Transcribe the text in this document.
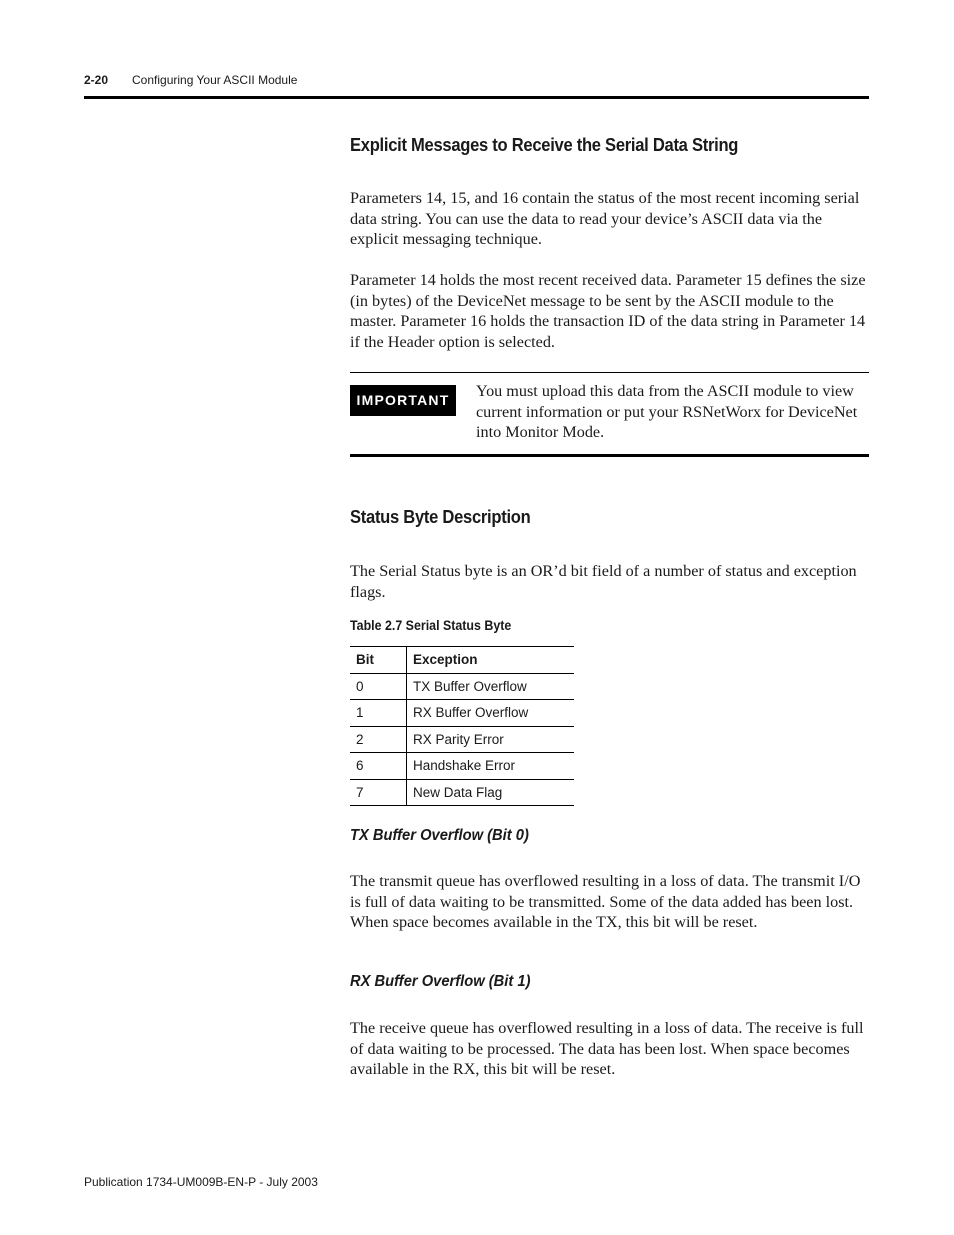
2-20 Configuring Your ASCII Module
Explicit Messages to Receive the Serial Data String

Parameters 14, 15, and 16 contain the status of the most recent incoming serial data string. You can use the data to read your device’s ASCII data via the explicit messaging technique.

Parameter 14 holds the most recent received data. Parameter 15 defines the size (in bytes) of the DeviceNet message to be sent by the ASCII module to the master. Parameter 16 holds the transaction ID of the data string in Parameter 14 if the Header option is selected.

IMPORTANT	You must upload this data from the ASCII module to view current information or put your RSNetWorx for DeviceNet into Monitor Mode.

Status Byte Description

The Serial Status byte is an OR’d bit field of a number of status and exception flags.

Table 2.7 Serial Status Byte
Bit	Exception
0	TX Buffer Overflow
1	RX Buffer Overflow
2	RX Parity Error
6	Handshake Error
7	New Data Flag
TX Buffer Overflow (Bit 0)

The transmit queue has overflowed resulting in a loss of data. The transmit I/O is full of data waiting to be transmitted. Some of the data added has been lost. When space becomes available in the TX, this bit will be reset.

RX Buffer Overflow (Bit 1)

The receive queue has overflowed resulting in a loss of data. The receive is full of data waiting to be processed. The data has been lost. When space becomes available in the RX, this bit will be reset.

Publication 1734-UM009B-EN-P - July 2003
